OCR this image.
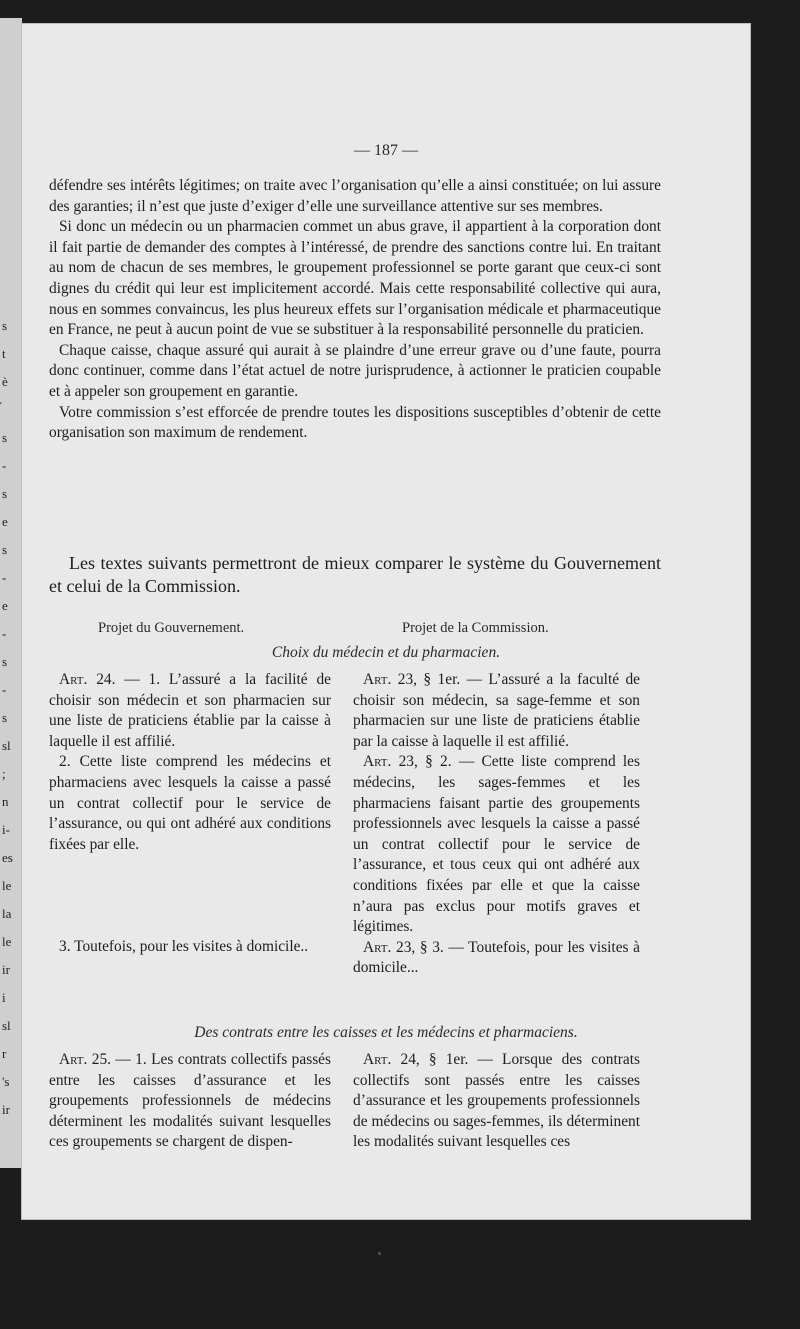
s
t
è
s
-
s
e
s
-
e
-
s
-
s
sl
;
n
i-
es
le
la
le
ir
i
sl
r
's
ir
— 187 —

défendre ses intérêts légitimes; on traite avec l’organisation qu’elle a ainsi constituée; on lui assure des garanties; il n’est que juste d’exiger d’elle une surveillance attentive sur ses membres.

Si donc un médecin ou un pharmacien commet un abus grave, il appartient à la corporation dont il fait partie de demander des comptes à l’intéressé, de prendre des sanctions contre lui. En traitant au nom de chacun de ses membres, le groupement professionnel se porte garant que ceux-ci sont dignes du crédit qui leur est implicitement accordé. Mais cette responsabilité collective qui aura, nous en sommes convaincus, les plus heureux effets sur l’organisation médicale et pharmaceutique en France, ne peut à aucun point de vue se substituer à la responsabilité personnelle du praticien.

Chaque caisse, chaque assuré qui aurait à se plaindre d’une erreur grave ou d’une faute, pourra donc continuer, comme dans l’état actuel de notre jurisprudence, à actionner le praticien coupable et à appeler son groupement en garantie.

Votre commission s’est efforcée de prendre toutes les dispositions susceptibles d’obtenir de cette organisation son maximum de rendement.

Les textes suivants permettront de mieux comparer le système du Gouvernement et celui de la Commission.
Projet du Gouvernement.	Projet de la Commission.
Choix du médecin et du pharmacien.

Art. 24. — 1. L’assuré a la facilité de choisir son médecin et son pharmacien sur une liste de praticiens établie par la caisse à laquelle il est affilié.

2. Cette liste comprend les médecins et pharmaciens avec lesquels la caisse a passé un contrat collectif pour le service de l’assurance, ou qui ont adhéré aux conditions fixées par elle.

3. Toutefois, pour les visites à domicile..

Art. 23, § 1er. — L’assuré a la faculté de choisir son médecin, sa sage-femme et son pharmacien sur une liste de praticiens établie par la caisse à laquelle il est affilié.

Art. 23, § 2. — Cette liste comprend les médecins, les sages-femmes et les pharmaciens faisant partie des groupements professionnels avec lesquels la caisse a passé un contrat collectif pour le service de l’assurance, et tous ceux qui ont adhéré aux conditions fixées par elle et que la caisse n’aura pas exclus pour motifs graves et légitimes.

Art. 23, § 3. — Toutefois, pour les visites à domicile...

Des contrats entre les caisses et les médecins et pharmaciens.

Art. 25. — 1. Les contrats collectifs passés entre les caisses d’assurance et les groupements professionnels de médecins déterminent les modalités suivant lesquelles ces groupements se chargent de dispen-

Art. 24, § 1er. — Lorsque des contrats collectifs sont passés entre les caisses d’assurance et les groupements professionnels de médecins ou sages-femmes, ils déterminent les modalités suivant lesquelles ces
